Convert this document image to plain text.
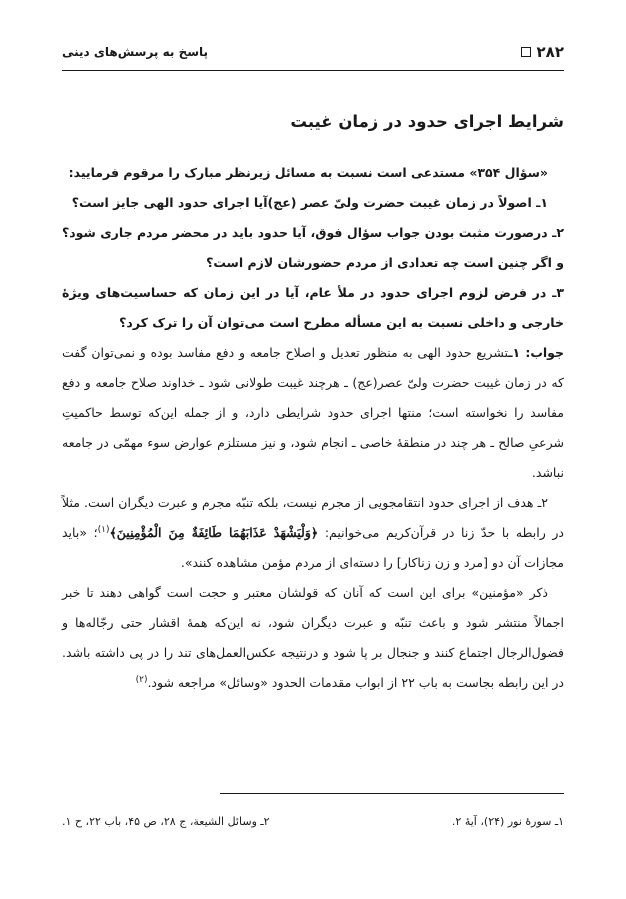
۲۸۲
پاسخ به پرسش‌های دینی
شرایط اجرای حدود در زمان غیبت

«سؤال ۳۵۴» مستدعی است نسبت به مسائل زیرنظر مبارک را مرقوم فرمایید:

۱ـ اصولاً در زمان غیبت حضرت ولیّ عصر (عج)آیا اجرای حدود الهی جایز است؟

۲ـ درصورت مثبت بودن جواب سؤال فوق، آیا حدود باید در محضر مردم جاری شود؟ و اگر چنین است چه تعدادی از مردم حضورشان لازم است؟

۳ـ در فرض لزوم اجرای حدود در ملأ عام، آیا در این زمان که حساسیت‌های ویژهٔ خارجی و داخلی نسبت به این مسأله مطرح است می‌توان آن را ترک کرد؟

جواب: ۱ـتشریع حدود الهی به منظور تعدیل و اصلاح جامعه و دفع مفاسد بوده و نمی‌توان گفت که در زمان غیبت حضرت ولیّ عصر(عج) ـ هرچند غیبت طولانی شود ـ خداوند صلاح جامعه و دفع مفاسد را نخواسته است؛ منتها اجرای حدود شرایطی دارد، و از جمله این‌که توسط حاکمیتِ شرعیِ صالح ـ هر چند در منطقهٔ خاصی ـ انجام شود، و نیز مستلزم عوارض سوء مهمّی در جامعه نباشد.

۲ـ هدف از اجرای حدود انتقامجویی از مجرم نیست، بلکه تنبّه مجرم و عبرت دیگران است. مثلاً در رابطه با حدّ زنا در قرآن‌کریم می‌خوانیم: ﴿وَلْيَشْهَدْ عَذَابَهُمَا طَائِفَةٌ مِنَ الْمُؤْمِنِينَ﴾$^{(۱)}$؛ «باید مجازات آن دو [مرد و زن زناکار] را دسته‌ای از مردم مؤمن مشاهده کنند».

ذکر «مؤمنین» برای این است که آنان که قولشان معتبر و حجت است گواهی دهند تا خبر اجمالاً منتشر شود و باعث تنبّه و عبرت دیگران شود، نه این‌که همهٔ اقشار حتی رجّاله‌ها و فضول‌الرجال اجتماع کنند و جنجال بر پا شود و درنتیجه عکس‌العمل‌های تند را در پی داشته باشد. در این رابطه بجاست به باب ۲۲ از ابواب مقدمات الحدود «وسائل» مراجعه شود.$^{(۲)}$

۱ـ سورهٔ نور (۲۴)، آیهٔ ۲.
۲ـ وسائل الشیعة، ج ۲۸، ص ۴۵، باب ۲۲، ح ۱.
